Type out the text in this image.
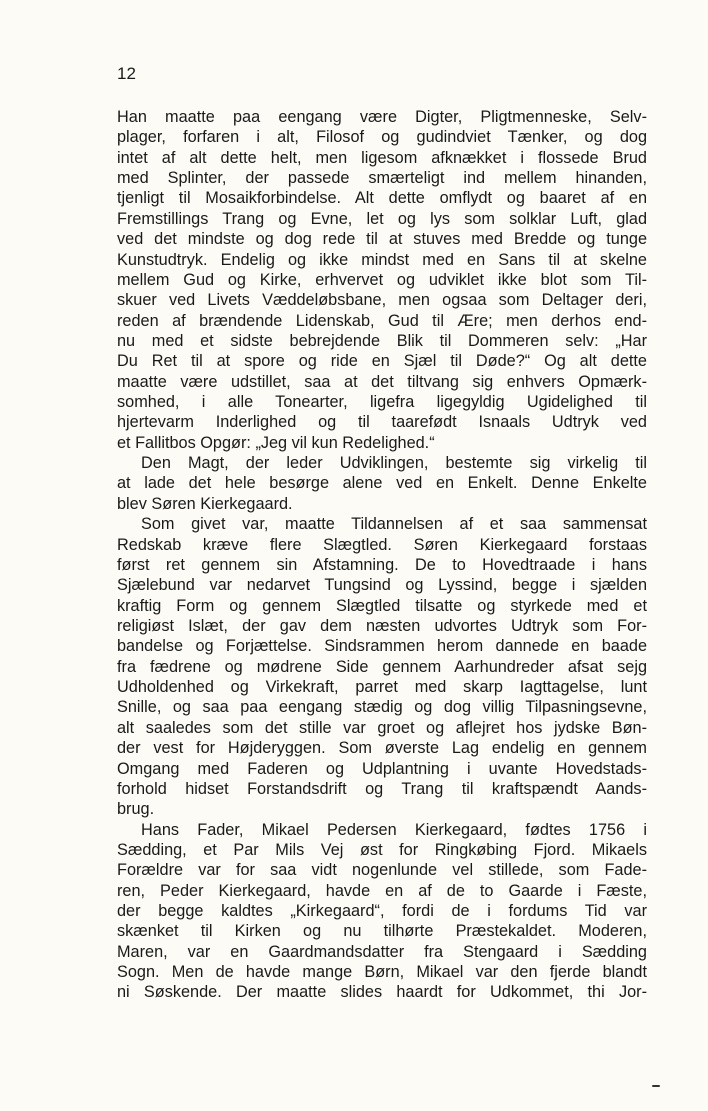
12
Han maatte paa eengang være Digter, Pligtmenneske, Selv-
plager, forfaren i alt, Filosof og gudindviet Tænker, og dog
intet af alt dette helt, men ligesom afknækket i flossede Brud
med Splinter, der passede smærteligt ind mellem hinanden,
tjenligt til Mosaikforbindelse. Alt dette omflydt og baaret af en
Fremstillings Trang og Evne, let og lys som solklar Luft, glad
ved det mindste og dog rede til at stuves med Bredde og tunge
Kunstudtryk. Endelig og ikke mindst med en Sans til at skelne
mellem Gud og Kirke, erhvervet og udviklet ikke blot som Til-
skuer ved Livets Væddeløbsbane, men ogsaa som Deltager deri,
reden af brændende Lidenskab, Gud til Ære; men derhos end-
nu med et sidste bebrejdende Blik til Dommeren selv: „Har
Du Ret til at spore og ride en Sjæl til Døde?“ Og alt dette
maatte være udstillet, saa at det tiltvang sig enhvers Opmærk-
somhed, i alle Tonearter, ligefra ligegyldig Ugidelighed til
hjertevarm Inderlighed og til taarefødt Isnaals Udtryk ved
et Fallitbos Opgør: „Jeg vil kun Redelighed.“
Den Magt, der leder Udviklingen, bestemte sig virkelig til
at lade det hele besørge alene ved en Enkelt. Denne Enkelte
blev Søren Kierkegaard.
Som givet var, maatte Tildannelsen af et saa sammensat
Redskab kræve flere Slægtled. Søren Kierkegaard forstaas
først ret gennem sin Afstamning. De to Hovedtraade i hans
Sjælebund var nedarvet Tungsind og Lyssind, begge i sjælden
kraftig Form og gennem Slægtled tilsatte og styrkede med et
religiøst Islæt, der gav dem næsten udvortes Udtryk som For-
bandelse og Forjættelse. Sindsrammen herom dannede en baade
fra fædrene og mødrene Side gennem Aarhundreder afsat sejg
Udholdenhed og Virkekraft, parret med skarp Iagttagelse, lunt
Snille, og saa paa eengang stædig og dog villig Tilpasningsevne,
alt saaledes som det stille var groet og aflejret hos jydske Bøn-
der vest for Højderyggen. Som øverste Lag endelig en gennem
Omgang med Faderen og Udplantning i uvante Hovedstads-
forhold hidset Forstandsdrift og Trang til kraftspændt Aands-
brug.
Hans Fader, Mikael Pedersen Kierkegaard, fødtes 1756 i
Sædding, et Par Mils Vej øst for Ringkøbing Fjord. Mikaels
Forældre var for saa vidt nogenlunde vel stillede, som Fade-
ren, Peder Kierkegaard, havde en af de to Gaarde i Fæste,
der begge kaldtes „Kirkegaard“, fordi de i fordums Tid var
skænket til Kirken og nu tilhørte Præstekaldet. Moderen,
Maren, var en Gaardmandsdatter fra Stengaard i Sædding
Sogn. Men de havde mange Børn, Mikael var den fjerde blandt
ni Søskende. Der maatte slides haardt for Udkommet, thi Jor-
